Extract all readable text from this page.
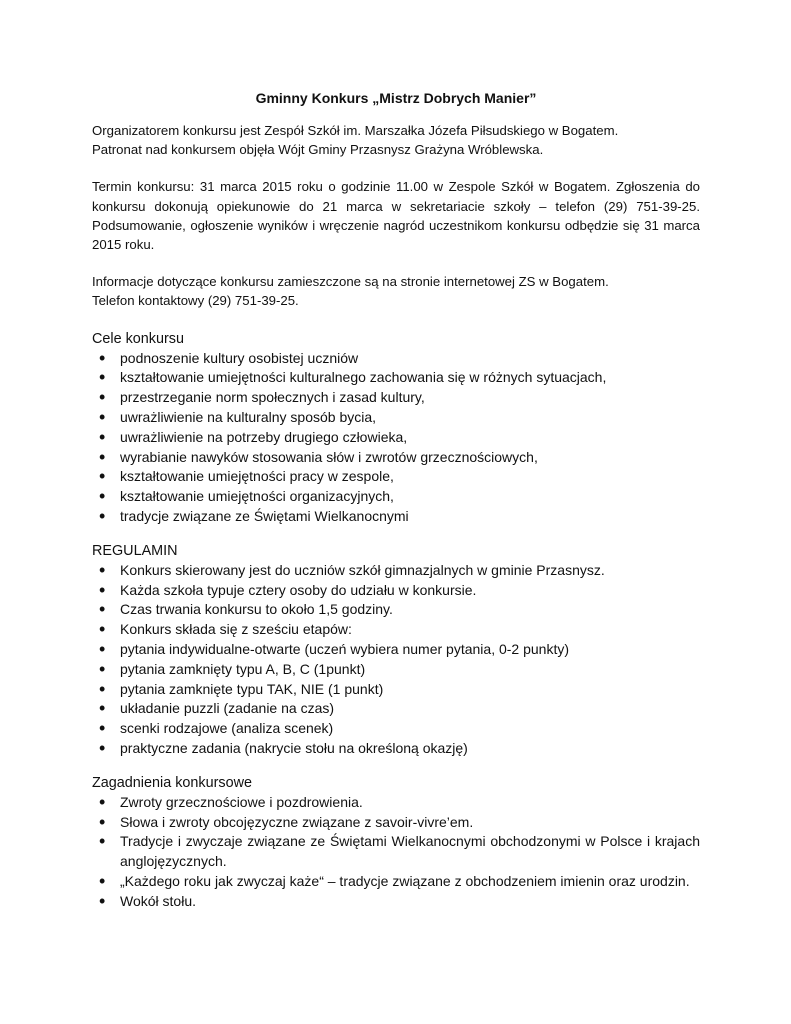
Gminny Konkurs „Mistrz Dobrych Manier”

Organizatorem konkursu jest Zespół Szkół im. Marszałka Józefa Piłsudskiego w Bogatem.
Patronat nad konkursem objęła Wójt Gminy Przasnysz Grażyna Wróblewska.

Termin konkursu: 31 marca 2015 roku o godzinie 11.00 w Zespole Szkół w Bogatem. Zgłoszenia do konkursu dokonują opiekunowie do 21 marca w sekretariacie szkoły – telefon (29) 751-39-25. Podsumowanie, ogłoszenie wyników i wręczenie nagród uczestnikom konkursu odbędzie się 31 marca 2015 roku.

Informacje dotyczące konkursu zamieszczone są na stronie internetowej ZS w Bogatem.
Telefon kontaktowy (29) 751-39-25.

Cele konkursu
• podnoszenie kultury osobistej uczniów
• kształtowanie umiejętności kulturalnego zachowania się w różnych sytuacjach,
• przestrzeganie norm społecznych i zasad kultury,
• uwrażliwienie na kulturalny sposób bycia,
• uwrażliwienie na potrzeby drugiego człowieka,
• wyrabianie nawyków stosowania słów i zwrotów grzecznościowych,
• kształtowanie umiejętności pracy w zespole,
• kształtowanie umiejętności organizacyjnych,
• tradycje związane ze Świętami Wielkanocnymi
REGULAMIN
• Konkurs skierowany jest do uczniów szkół gimnazjalnych w gminie Przasnysz.
• Każda szkoła typuje cztery osoby do udziału w konkursie.
• Czas trwania konkursu to około 1,5 godziny.
• Konkurs składa się z sześciu etapów:
• pytania indywidualne-otwarte (uczeń wybiera numer pytania, 0-2 punkty)
• pytania zamknięty typu A, B, C (1punkt)
• pytania zamknięte typu TAK, NIE (1 punkt)
• układanie puzzli (zadanie na czas)
• scenki rodzajowe (analiza scenek)
• praktyczne zadania (nakrycie stołu na określoną okazję)
Zagadnienia konkursowe
• Zwroty grzecznościowe i pozdrowienia.
• Słowa i zwroty obcojęzyczne związane z savoir-vivre’em.
• Tradycje i zwyczaje związane ze Świętami Wielkanocnymi obchodzonymi w Polsce i krajach anglojęzycznych.
• „Każdego roku jak zwyczaj każe“ – tradycje związane z obchodzeniem imienin oraz urodzin.
• Wokół stołu.
